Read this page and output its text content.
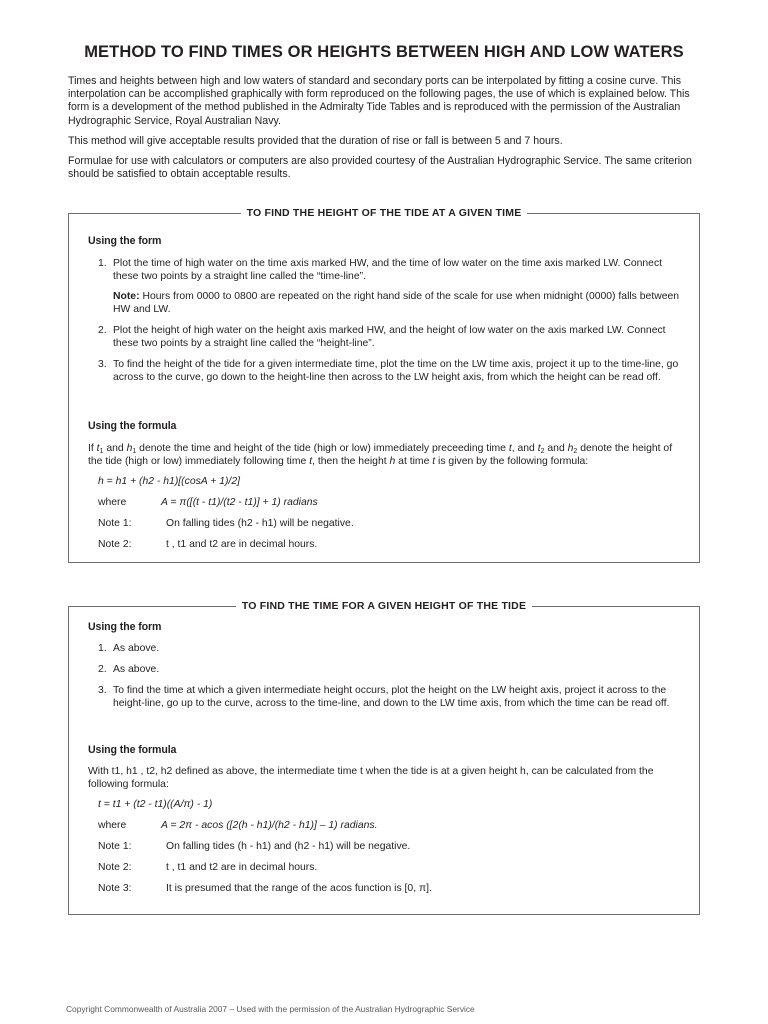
METHOD TO FIND TIMES OR HEIGHTS BETWEEN HIGH AND LOW WATERS

Times and heights between high and low waters of standard and secondary ports can be interpolated by fitting a cosine curve. This interpolation can be accomplished graphically with form reproduced on the following pages, the use of which is explained below. This form is a development of the method published in the Admiralty Tide Tables and is reproduced with the permission of the Australian Hydrographic Service, Royal Australian Navy.

This method will give acceptable results provided that the duration of rise or fall is between 5 and 7 hours.

Formulae for use with calculators or computers are also provided courtesy of the Australian Hydrographic Service. The same criterion should be satisfied to obtain acceptable results.

TO FIND THE HEIGHT OF THE TIDE AT A GIVEN TIME

Using the form

1. Plot the time of high water on the time axis marked HW, and the time of low water on the time axis marked LW. Connect these two points by a straight line called the “time-line”.
Note: Hours from 0000 to 0800 are repeated on the right hand side of the scale for use when midnight (0000) falls between HW and LW.
2. Plot the height of high water on the height axis marked HW, and the height of low water on the axis marked LW. Connect these two points by a straight line called the “height-line”.
3. To find the height of the tide for a given intermediate time, plot the time on the LW time axis, project it up to the time-line, go across to the curve, go down to the height-line then across to the LW height axis, from which the height can be read off.

Using the formula

If $t_1$ and $h_1$ denote the time and height of the tide (high or low) immediately preceeding time t, and $t_2$ and $h_2$ denote the height of the tide (high or low) immediately following time t, then the height h at time t is given by the following formula:
h = h1 + (h2 - h1)[(cosA + 1)/2]
where	A = π([(t - t1)/(t2 - t1)] + 1) radians
Note 1:	On falling tides (h2 - h1) will be negative.
Note 2:	t , t1 and t2 are in decimal hours.
TO FIND THE TIME FOR A GIVEN HEIGHT OF THE TIDE

Using the form

1. As above.
2. As above.
3. To find the time at which a given intermediate height occurs, plot the height on the LW height axis, project it across to the height-line, go up to the curve, across to the time-line, and down to the LW time axis, from which the time can be read off.

Using the formula

With t1, h1 , t2, h2 defined as above, the intermediate time t when the tide is at a given height h, can be calculated from the following formula:
t = t1 + (t2 - t1)((A/π) - 1)
where	A = 2π - acos ([2(h - h1)/(h2 - h1)] – 1) radians.
Note 1:	On falling tides (h - h1) and (h2 - h1) will be negative.
Note 2:	t , t1 and t2 are in decimal hours.
Note 3:	It is presumed that the range of the acos function is [0, π].
Copyright Commonwealth of Australia 2007 – Used with the permission of the Australian Hydrographic Service
